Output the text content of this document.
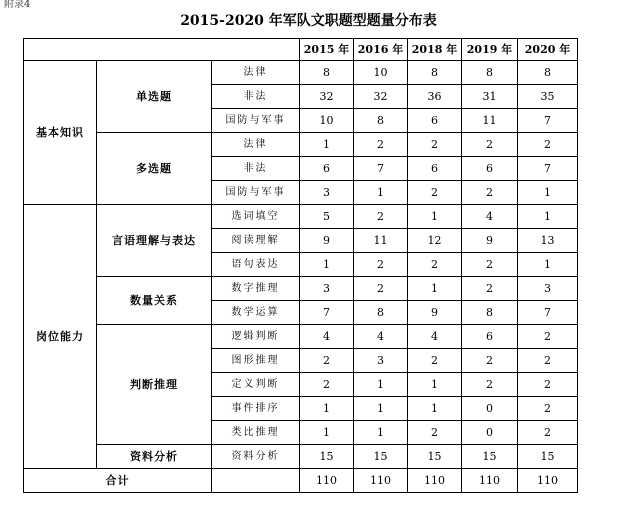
附录4
2015-2020 年军队文职题型题量分布表
			2015 年	2016 年	2018 年	2019 年	2020 年
基本知识	单选题	法律	8	10	8	8	8
		非法	32	32	36	31	35
		国防与军事	10	8	6	11	7
	多选题	法律	1	2	2	2	2
		非法	6	7	6	6	7
		国防与军事	3	1	2	2	1
岗位能力	言语理解与表达	选词填空	5	2	1	4	1
		阅读理解	9	11	12	9	13
		语句表达	1	2	2	2	1
	数量关系	数字推理	3	2	1	2	3
		数学运算	7	8	9	8	7
	判断推理	逻辑判断	4	4	4	6	2
		图形推理	2	3	2	2	2
		定义判断	2	1	1	2	2
		事件排序	1	1	1	0	2
		类比推理	1	1	2	0	2
	资料分析	资料分析	15	15	15	15	15
合计			110	110	110	110	110
